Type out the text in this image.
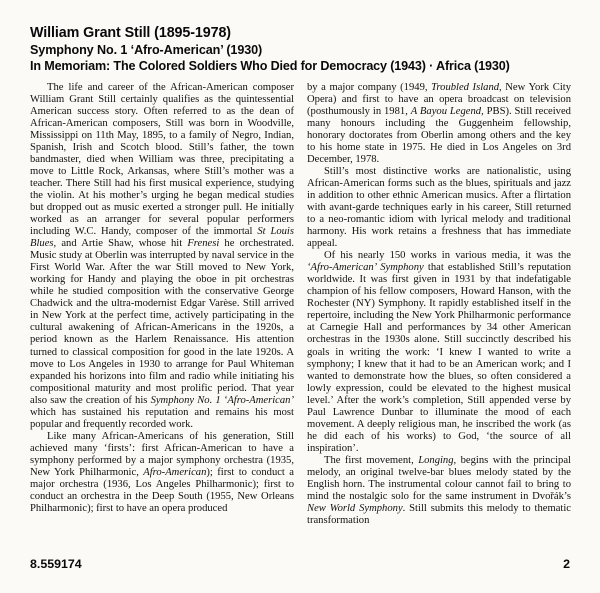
William Grant Still (1895-1978)
Symphony No. 1 ‘Afro-American’ (1930)
In Memoriam: The Colored Soldiers Who Died for Democracy (1943) · Africa (1930)

The life and career of the African-American composer William Grant Still certainly qualifies as the quintessential American success story. Often referred to as the dean of African-American composers, Still was born in Woodville, Mississippi on 11th May, 1895, to a family of Negro, Indian, Spanish, Irish and Scotch blood. Still’s father, the town bandmaster, died when William was three, precipitating a move to Little Rock, Arkansas, where Still’s mother was a teacher. There Still had his first musical experience, studying the violin. At his mother’s urging he began medical studies but dropped out as music exerted a stronger pull. He initially worked as an arranger for several popular performers including W.C. Handy, composer of the immortal St Louis Blues, and Artie Shaw, whose hit Frenesi he orchestrated. Music study at Oberlin was interrupted by naval service in the First World War. After the war Still moved to New York, working for Handy and playing the oboe in pit orchestras while he studied composition with the conservative George Chadwick and the ultra-modernist Edgar Varèse. Still arrived in New York at the perfect time, actively participating in the cultural awakening of African-Americans in the 1920s, a period known as the Harlem Renaissance. His attention turned to classical composition for good in the late 1920s. A move to Los Angeles in 1930 to arrange for Paul Whiteman expanded his horizons into film and radio while initiating his compositional maturity and most prolific period. That year also saw the creation of his Symphony No. 1 ‘Afro-American’ which has sustained his reputation and remains his most popular and frequently recorded work.

Like many African-Americans of his generation, Still achieved many ‘firsts’: first African-American to have a symphony performed by a major symphony orchestra (1935, New York Philharmonic, Afro-American); first to conduct a major orchestra (1936, Los Angeles Philharmonic); first to conduct an orchestra in the Deep South (1955, New Orleans Philharmonic); first to have an opera produced

by a major company (1949, Troubled Island, New York City Opera) and first to have an opera broadcast on television (posthumously in 1981, A Bayou Legend, PBS). Still received many honours including the Guggenheim fellowship, honorary doctorates from Oberlin among others and the key to his home state in 1975. He died in Los Angeles on 3rd December, 1978.

Still’s most distinctive works are nationalistic, using African-American forms such as the blues, spirituals and jazz in addition to other ethnic American musics. After a flirtation with avant-garde techniques early in his career, Still returned to a neo-romantic idiom with lyrical melody and traditional harmony. His work retains a freshness that has immediate appeal.

Of his nearly 150 works in various media, it was the ‘Afro-American’ Symphony that established Still’s reputation worldwide. It was first given in 1931 by that indefatigable champion of his fellow composers, Howard Hanson, with the Rochester (NY) Symphony. It rapidly established itself in the repertoire, including the New York Philharmonic performance at Carnegie Hall and performances by 34 other American orchestras in the 1930s alone. Still succinctly described his goals in writing the work: ‘I knew I wanted to write a symphony; I knew that it had to be an American work; and I wanted to demonstrate how the blues, so often considered a lowly expression, could be elevated to the highest musical level.’ After the work’s completion, Still appended verse by Paul Lawrence Dunbar to illuminate the mood of each movement. A deeply religious man, he inscribed the work (as he did each of his works) to God, ‘the source of all inspiration’.

The first movement, Longing, begins with the principal melody, an original twelve-bar blues melody stated by the English horn. The instrumental colour cannot fail to bring to mind the nostalgic solo for the same instrument in Dvořák’s New World Symphony. Still submits this melody to thematic transformation

8.559174	2
